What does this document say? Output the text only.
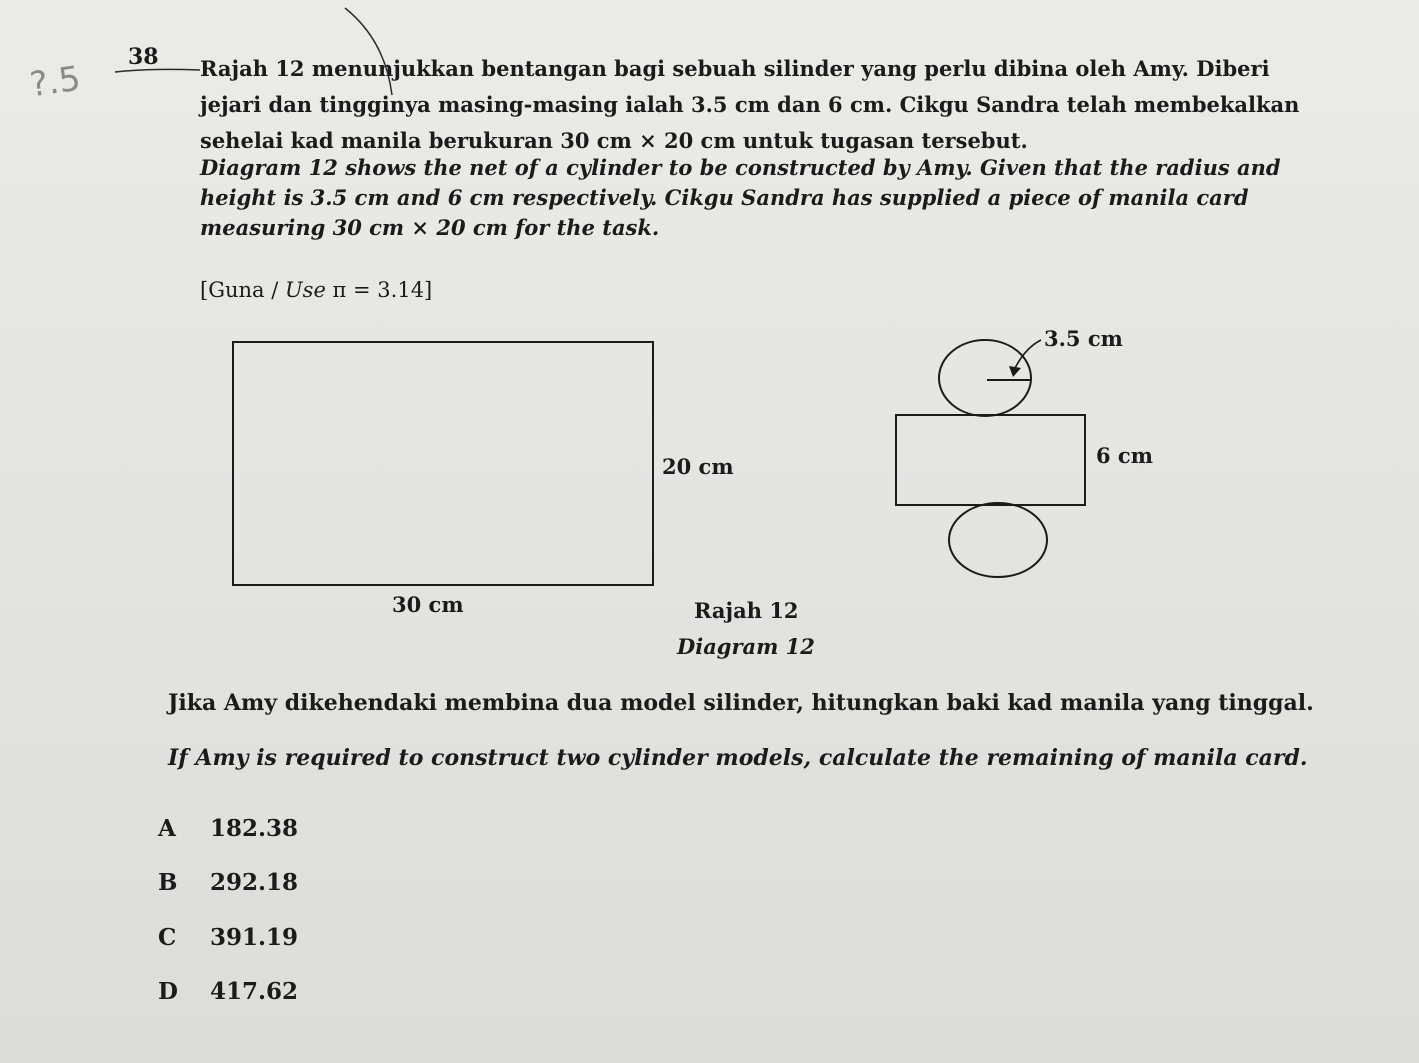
?.5
38 Rajah 12 menunjukkan bentangan bagi sebuah silinder yang perlu dibina oleh Amy. Diberi
jejari dan tingginya masing-masing ialah 3.5 cm dan 6 cm. Cikgu Sandra telah membekalkan
sehelai kad manila berukuran 30 cm × 20 cm untuk tugasan tersebut.
Diagram 12 shows the net of a cylinder to be constructed by Amy. Given that the radius and
height is 3.5 cm and 6 cm respectively. Cikgu Sandra has supplied a piece of manila card
measuring 30 cm × 20 cm for the task.
[Guna / Use π = 3.14]
20 cm
30 cm
3.5 cm
6 cm
Rajah 12
Diagram 12
Jika Amy dikehendaki membina dua model silinder, hitungkan baki kad manila yang tinggal.
If Amy is required to construct two cylinder models, calculate the remaining of manila card.
A 182.38
B 292.18
C 391.19
D 417.62
